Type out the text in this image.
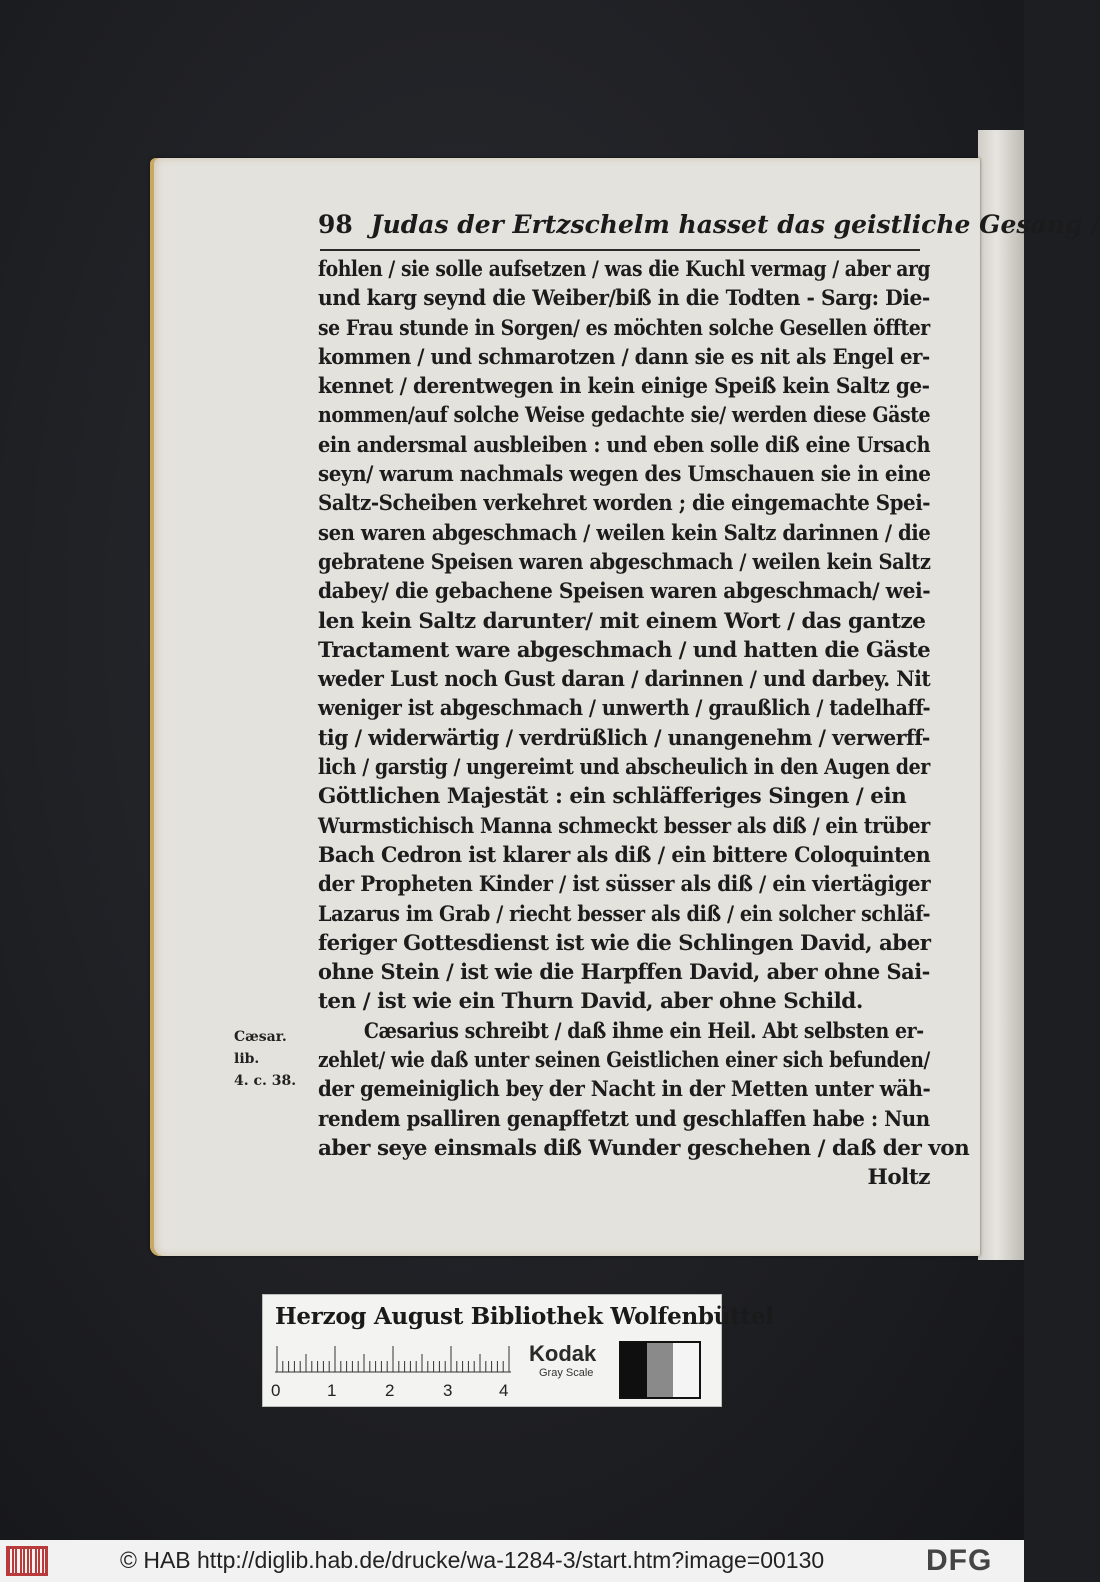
98 Judas der Ertzschelm hasset das geistliche Gesang /
fohlen / sie solle aufsetzen / was die Kuchl vermag / aber arg
und karg seynd die Weiber/biß in die Todten - Sarg: Die-
se Frau stunde in Sorgen/ es möchten solche Gesellen öffter
kommen / und schmarotzen / dann sie es nit als Engel er-
kennet / derentwegen in kein einige Speiß kein Saltz ge-
nommen/auf solche Weise gedachte sie/ werden diese Gäste
ein andersmal ausbleiben : und eben solle diß eine Ursach
seyn/ warum nachmals wegen des Umschauen sie in eine
Saltz-Scheiben verkehret worden ; die eingemachte Spei-
sen waren abgeschmach / weilen kein Saltz darinnen / die
gebratene Speisen waren abgeschmach / weilen kein Saltz
dabey/ die gebachene Speisen waren abgeschmach/ wei-
len kein Saltz darunter/ mit einem Wort / das gantze
Tractament ware abgeschmach / und hatten die Gäste
weder Lust noch Gust daran / darinnen / und darbey. Nit
weniger ist abgeschmach / unwerth / graußlich / tadelhaff-
tig / widerwärtig / verdrüßlich / unangenehm / verwerff-
lich / garstig / ungereimt und abscheulich in den Augen der
Göttlichen Majestät : ein schläfferiges Singen / ein
Wurmstichisch Manna schmeckt besser als diß / ein trüber
Bach Cedron ist klarer als diß / ein bittere Coloquinten
der Propheten Kinder / ist süsser als diß / ein viertägiger
Lazarus im Grab / riecht besser als diß / ein solcher schläf-
feriger Gottesdienst ist wie die Schlingen David, aber
ohne Stein / ist wie die Harpffen David, aber ohne Sai-
ten / ist wie ein Thurn David, aber ohne Schild.
Cæsarius schreibt / daß ihme ein Heil. Abt selbsten er-
zehlet/ wie daß unter seinen Geistlichen einer sich befunden/
der gemeiniglich bey der Nacht in der Metten unter wäh-
rendem psalliren genapffetzt und geschlaffen habe : Nun
aber seye einsmals diß Wunder geschehen / daß der von
Holtz
Cæsar. lib.
4. c. 38.
Herzog August Bibliothek Wolfenbüttel
0	1	2	3	4
Kodak
Gray Scale
© HAB http://diglib.hab.de/drucke/wa-1284-3/start.htm?image=00130	DFG
